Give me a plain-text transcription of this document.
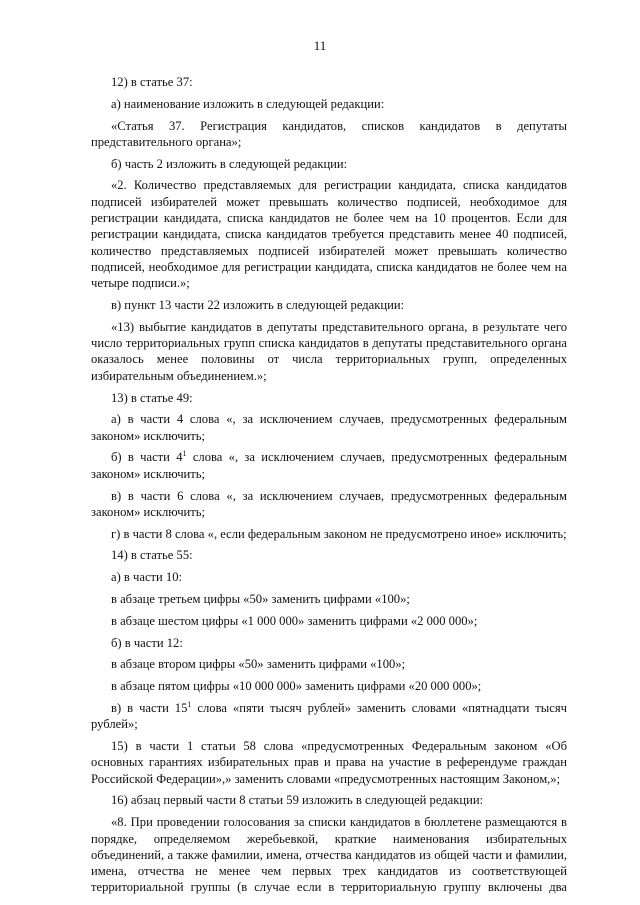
11

12) в статье 37:

а) наименование изложить в следующей редакции:

«Статья 37. Регистрация кандидатов, списков кандидатов в депутаты представительного органа»;

б) часть 2 изложить в следующей редакции:

«2. Количество представляемых для регистрации кандидата, списка кандидатов подписей избирателей может превышать количество подписей, необходимое для регистрации кандидата, списка кандидатов не более чем на 10 процентов. Если для регистрации кандидата, списка кандидатов требуется представить менее 40 подписей, количество представляемых подписей избирателей может превышать количество подписей, необходимое для регистрации кандидата, списка кандидатов не более чем на четыре подписи.»;

в) пункт 13 части 22 изложить в следующей редакции:

«13) выбытие кандидатов в депутаты представительного органа, в результате чего число территориальных групп списка кандидатов в депутаты представительного органа оказалось менее половины от числа территориальных групп, определенных избирательным объединением.»;

13) в статье 49:

а) в части 4 слова «, за исключением случаев, предусмотренных федеральным законом» исключить;

б) в части $4^1$ слова «, за исключением случаев, предусмотренных федеральным законом» исключить;

в) в части 6 слова «, за исключением случаев, предусмотренных федеральным законом» исключить;

г) в части 8 слова «, если федеральным законом не предусмотрено иное» исключить;

14) в статье 55:

а) в части 10:

в абзаце третьем цифры «50» заменить цифрами «100»;

в абзаце шестом цифры «1 000 000» заменить цифрами «2 000 000»;

б) в части 12:

в абзаце втором цифры «50» заменить цифрами «100»;

в абзаце пятом цифры «10 000 000» заменить цифрами «20 000 000»;

в) в части $15^1$ слова «пяти тысяч рублей» заменить словами «пятнадцати тысяч рублей»;

15) в части 1 статьи 58 слова «предусмотренных Федеральным законом «Об основных гарантиях избирательных прав и права на участие в референдуме граждан Российской Федерации»,» заменить словами «предусмотренных настоящим Законом,»;

16) абзац первый части 8 статьи 59 изложить в следующей редакции:

«8. При проведении голосования за списки кандидатов в бюллетене размещаются в порядке, определяемом жеребьевкой, краткие наименования избирательных объединений, а также фамилии, имена, отчества кандидатов из общей части и фамилии, имена, отчества не менее чем первых трех кандидатов из соответствующей территориальной группы (в случае если в территориальную группу включены два
